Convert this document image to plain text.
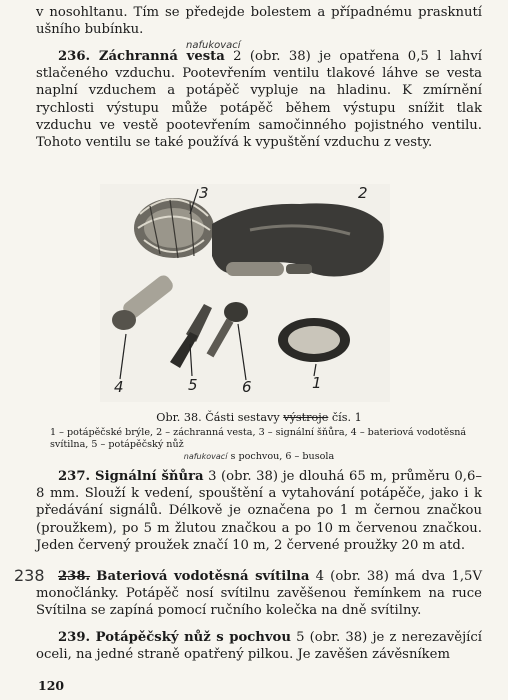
v nosohltanu. Tím se předejde bolestem a případnému prasknutí ušního bubínku.

nafukovací

236. Záchranná vesta 2 (obr. 38) je opatřena 0,5 l lahví stlačeného vzduchu. Pootevřením ventilu tlakové láhve se vesta naplní vzduchem a potápěč vypluje na hladinu. K zmírnění rychlosti výstupu může potápěč během výstupu snížit tlak vzduchu ve vestě pootevřením samočinného pojistného ventilu. Tohoto ventilu se také používá k vypuštění vzduchu z vesty.

3
4	5	6	1
2
Obr. 38. Části sestavy výstroje čís. 1
1 – potápěčské brýle, 2 – záchranná vesta, 3 – signální šňůra, 4 – bateriová vodotěsná svítilna, 5 – potápěčský nůž
nafukovací s pochvou, 6 – busola

237. Signální šňůra 3 (obr. 38) je dlouhá 65 m, průměru 0,6–8 mm. Slouží k vedení, spouštění a vytahování potápěče, jako i k předávání signálů. Délkově je označena po 1 m černou značkou (proužkem), po 5 m žlutou značkou a po 10 m červenou značkou. Jeden červený proužek značí 10 m, 2 červené proužky 20 m atd.

238	238. Bateriová vodotěsná svítilna 4 (obr. 38) má dva 1,5V monočlánky. Potápěč nosí svítilnu zavěšenou řemínkem na ruce Svítilna se zapíná pomocí ručního kolečka na dně svítilny.

239. Potápěčský nůž s pochvou 5 (obr. 38) je z nerezavějící oceli, na jedné straně opatřený pilkou. Je zavěšen závěsníkem

120
